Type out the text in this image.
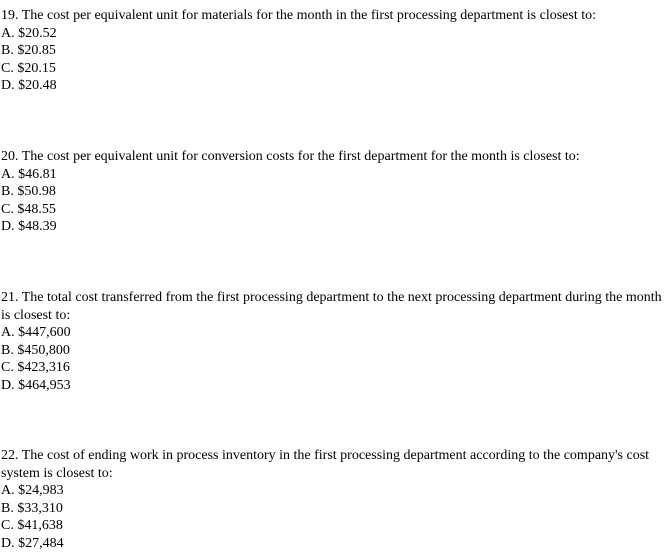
19. The cost per equivalent unit for materials for the month in the first processing department is closest to:

A. $20.52
B. $20.85
C. $20.15
D. $20.48

20. The cost per equivalent unit for conversion costs for the first department for the month is closest to:

A. $46.81
B. $50.98
C. $48.55
D. $48.39

21. The total cost transferred from the first processing department to the next processing department during the month is closest to:

A. $447,600
B. $450,800
C. $423,316
D. $464,953

22. The cost of ending work in process inventory in the first processing department according to the company's cost system is closest to:

A. $24,983
B. $33,310
C. $41,638
D. $27,484
